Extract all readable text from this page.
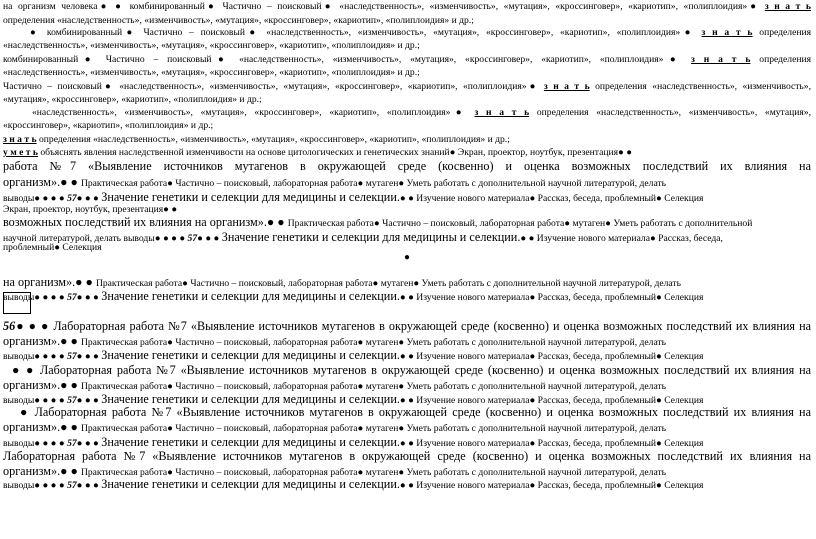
на организм человека● ● комбинированный● Частично – поисковый● «наследственность», «изменчивость», «мутация», «кроссинговер», «кариотип», «полиплоидия»● з н а т ь
определения «наследственность», «изменчивость», «мутация», «кроссинговер», «кариотип», «полиплоидия» и др.;
● комбинированный● Частично – поисковый● «наследственность», «изменчивость», «мутация», «кроссинговер», «кариотип», «полиплоидия»● з н а т ь определения
«наследственность», «изменчивость», «мутация», «кроссинговер», «кариотип», «полиплоидия» и др.;
комбинированный● Частично – поисковый● «наследственность», «изменчивость», «мутация», «кроссинговер», «кариотип», «полиплоидия»● з н а т ь определения
«наследственность», «изменчивость», «мутация», «кроссинговер», «кариотип», «полиплоидия» и др.;
Частично – поисковый● «наследственность», «изменчивость», «мутация», «кроссинговер», «кариотип», «полиплоидия»● з н а т ь определения «наследственность», «изменчивость»,
«мутация», «кроссинговер», «кариотип», «полиплоидия» и др.;
«наследственность», «изменчивость», «мутация», «кроссинговер», «кариотип», «полиплоидия»● з н а т ь определения «наследственность», «изменчивость», «мутация»,
«кроссинговер», «кариотип», «полиплоидия» и др.;
з н а т ь определения «наследственность», «изменчивость», «мутация», «кроссинговер», «кариотип», «полиплоидия» и др.;
у м е т ь объяснять явления наследственной изменчивости на основе цитологических и генетических знаний● Экран, проектор, ноутбук, презентация● ●
работа №7 «Выявление источников мутагенов в окружающей среде (косвенно) и оценка возможных последствий их влияния на
организм».● ● Практическая работа● Частично – поисковый, лабораторная работа● мутаген● Уметь работать с дополнительной научной литературой, делать
выводы● ● ● ● 57● ● ● Значение генетики и селекции для медицины и селекции.● ● Изучение нового материала● Рассказ, беседа, проблемный● Селекция
Экран, проектор, ноутбук, презентация● ●
возможных последствий их влияния на организм».● ● Практическая работа● Частично – поисковый, лабораторная работа● мутаген● Уметь работать с дополнительной
научной литературой, делать выводы● ● ● ● 57● ● ● Значение генетики и селекции для медицины и селекции.● ● Изучение нового материала● Рассказ, беседа,
проблемный● Селекция
на организм».● ● Практическая работа● Частично – поисковый, лабораторная работа● мутаген● Уметь работать с дополнительной научной литературой, делать
выводы● ● ● ● 57● ● ● Значение генетики и селекции для медицины и селекции.● ● Изучение нового материала● Рассказ, беседа, проблемный● Селекция
56● ● ● Лабораторная работа №7 «Выявление источников мутагенов в окружающей среде (косвенно) и оценка возможных последствий их влияния на
организм».● ● Практическая работа● Частично – поисковый, лабораторная работа● мутаген● Уметь работать с дополнительной научной литературой, делать
выводы● ● ● ● 57● ● ● Значение генетики и селекции для медицины и селекции.● ● Изучение нового материала● Рассказ, беседа, проблемный● Селекция
● ● Лабораторная работа №7 «Выявление источников мутагенов в окружающей среде (косвенно) и оценка возможных последствий их влияния на
организм».● ● Практическая работа● Частично – поисковый, лабораторная работа● мутаген● Уметь работать с дополнительной научной литературой, делать
выводы● ● ● ● 57● ● ● Значение генетики и селекции для медицины и селекции.● ● Изучение нового материала● Рассказ, беседа, проблемный● Селекция
● Лабораторная работа №7 «Выявление источников мутагенов в окружающей среде (косвенно) и оценка возможных последствий их влияния на
организм».● ● Практическая работа● Частично – поисковый, лабораторная работа● мутаген● Уметь работать с дополнительной научной литературой, делать
выводы● ● ● ● 57● ● ● Значение генетики и селекции для медицины и селекции.● ● Изучение нового материала● Рассказ, беседа, проблемный● Селекция
Лабораторная работа №7 «Выявление источников мутагенов в окружающей среде (косвенно) и оценка возможных последствий их влияния на
организм».● ● Практическая работа● Частично – поисковый, лабораторная работа● мутаген● Уметь работать с дополнительной научной литературой, делать
выводы● ● ● ● 57● ● ● Значение генетики и селекции для медицины и селекции.● ● Изучение нового материала● Рассказ, беседа, проблемный● Селекция
●
